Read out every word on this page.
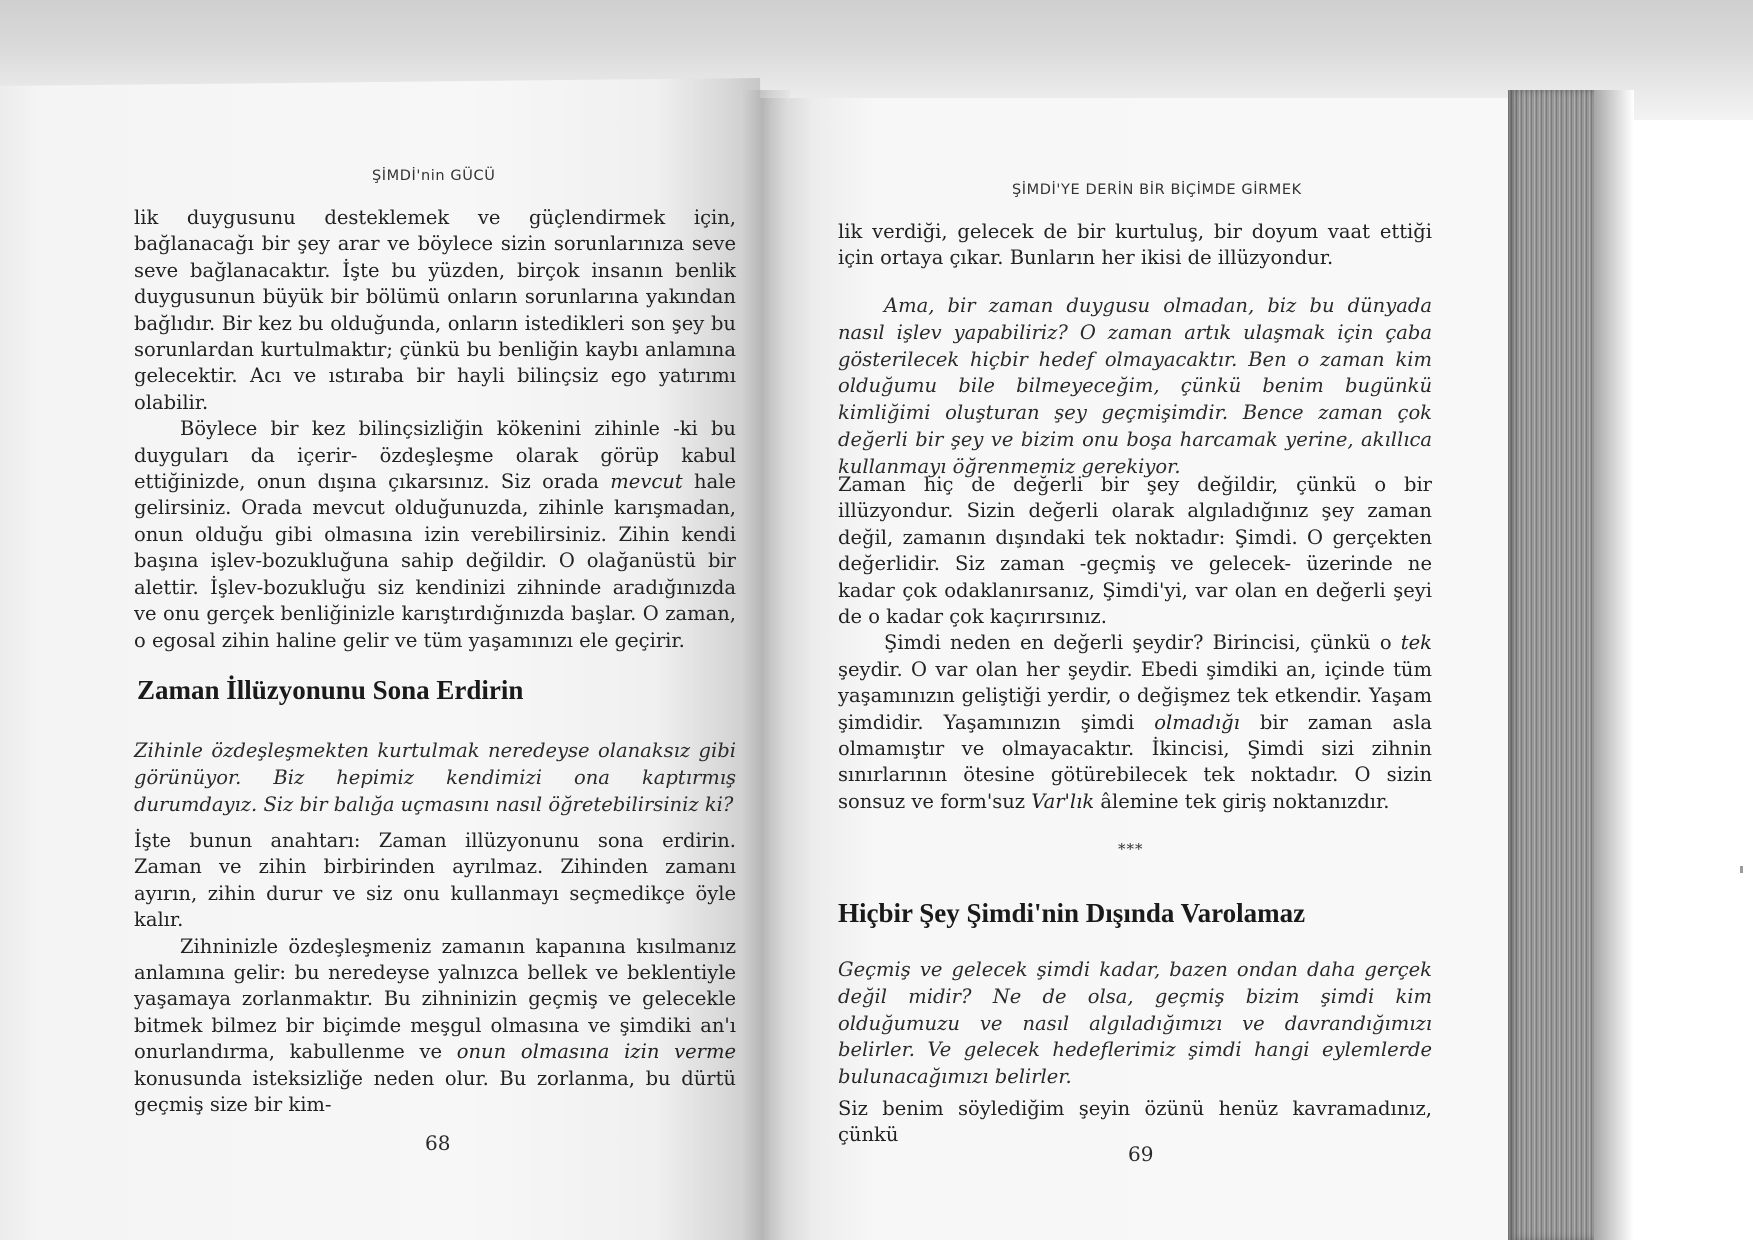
ŞİMDİ'nin GÜCÜ

lik duygusunu desteklemek ve güçlendirmek için, bağlanacağı bir şey arar ve böylece sizin sorunlarınıza seve seve bağlanacaktır. İşte bu yüzden, birçok insanın benlik duygusunun büyük bir bölümü onların sorunlarına yakından bağlıdır. Bir kez bu olduğunda, onların istedikleri son şey bu sorunlardan kurtulmaktır; çünkü bu benliğin kaybı anlamına gelecektir. Acı ve ıstıraba bir hayli bilinçsiz ego yatırımı olabilir.

Böylece bir kez bilinçsizliğin kökenini zihinle -ki bu duyguları da içerir- özdeşleşme olarak görüp kabul ettiğinizde, onun dışına çıkarsınız. Siz orada mevcut hale gelirsiniz. Orada mevcut olduğunuzda, zihinle karışmadan, onun olduğu gibi olmasına izin verebilirsiniz. Zihin kendi başına işlev-bozukluğuna sahip değildir. O olağanüstü bir alettir. İşlev-bozukluğu siz kendinizi zihninde aradığınızda ve onu gerçek benliğinizle karıştırdığınızda başlar. O zaman, o egosal zihin haline gelir ve tüm yaşamınızı ele geçirir.

Zaman İllüzyonunu Sona Erdirin

Zihinle özdeşleşmekten kurtulmak neredeyse olanaksız gibi görünüyor. Biz hepimiz kendimizi ona kaptırmış durumdayız. Siz bir balığa uçmasını nasıl öğretebilirsiniz ki?

İşte bunun anahtarı: Zaman illüzyonunu sona erdirin. Zaman ve zihin birbirinden ayrılmaz. Zihinden zamanı ayırın, zihin durur ve siz onu kullanmayı seçmedikçe öyle kalır.

Zihninizle özdeşleşmeniz zamanın kapanına kısılmanız anlamına gelir: bu neredeyse yalnızca bellek ve beklentiyle yaşamaya zorlanmaktır. Bu zihninizin geçmiş ve gelecekle bitmek bilmez bir biçimde meşgul olmasına ve şimdiki an'ı onurlandırma, kabullenme ve onun olmasına izin verme konusunda isteksizliğe neden olur. Bu zorlanma, bu dürtü geçmiş size bir kim-

68
ŞİMDİ'YE DERİN BİR BİÇİMDE GİRMEK

lik verdiği, gelecek de bir kurtuluş, bir doyum vaat ettiği için ortaya çıkar. Bunların her ikisi de illüzyondur.

Ama, bir zaman duygusu olmadan, biz bu dünyada nasıl işlev yapabiliriz? O zaman artık ulaşmak için çaba gösterilecek hiçbir hedef olmayacaktır. Ben o zaman kim olduğumu bile bilmeyeceğim, çünkü benim bugünkü kimliğimi oluşturan şey geçmişimdir. Bence zaman çok değerli bir şey ve bizim onu boşa harcamak yerine, akıllıca kullanmayı öğrenmemiz gerekiyor.

Zaman hiç de değerli bir şey değildir, çünkü o bir illüzyondur. Sizin değerli olarak algıladığınız şey zaman değil, zamanın dışındaki tek noktadır: Şimdi. O gerçekten değerlidir. Siz zaman -geçmiş ve gelecek- üzerinde ne kadar çok odaklanırsanız, Şimdi'yi, var olan en değerli şeyi de o kadar çok kaçırırsınız.

Şimdi neden en değerli şeydir? Birincisi, çünkü o tek şeydir. O var olan her şeydir. Ebedi şimdiki an, içinde tüm yaşamınızın geliştiği yerdir, o değişmez tek etkendir. Yaşam şimdidir. Yaşamınızın şimdi olmadığı bir zaman asla olmamıştır ve olmayacaktır. İkincisi, Şimdi sizi zihnin sınırlarının ötesine götürebilecek tek noktadır. O sizin sonsuz ve form'suz Var'lık âlemine tek giriş noktanızdır.

***
Hiçbir Şey Şimdi'nin Dışında Varolamaz

Geçmiş ve gelecek şimdi kadar, bazen ondan daha gerçek değil midir? Ne de olsa, geçmiş bizim şimdi kim olduğumuzu ve nasıl algıladığımızı ve davrandığımızı belirler. Ve gelecek hedeflerimiz şimdi hangi eylemlerde bulunacağımızı belirler.

Siz benim söylediğim şeyin özünü henüz kavramadınız, çünkü

69
